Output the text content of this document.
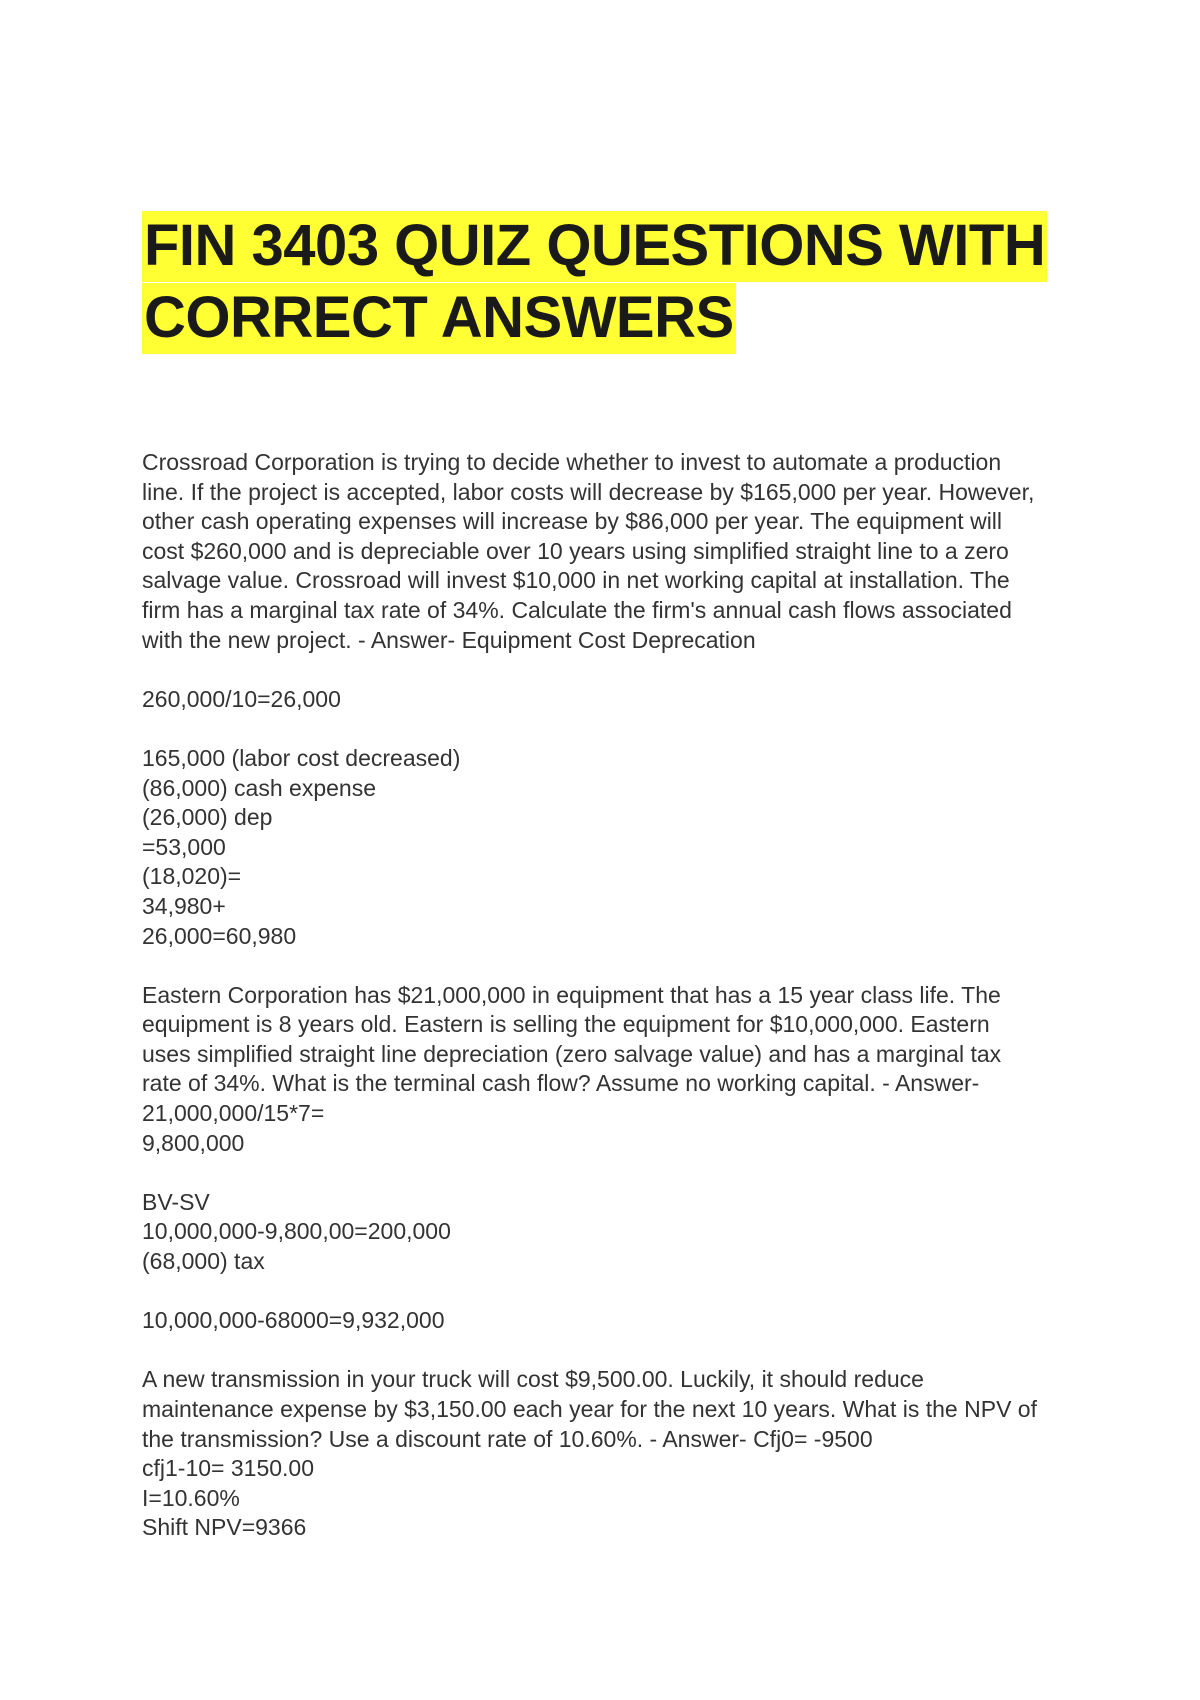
FIN 3403 QUIZ QUESTIONS WITH
CORRECT ANSWERS
Crossroad Corporation is trying to decide whether to invest to automate a production
line. If the project is accepted, labor costs will decrease by $165,000 per year. However,
other cash operating expenses will increase by $86,000 per year. The equipment will
cost $260,000 and is depreciable over 10 years using simplified straight line to a zero
salvage value. Crossroad will invest $10,000 in net working capital at installation. The
firm has a marginal tax rate of 34%. Calculate the firm's annual cash flows associated
with the new project. - Answer- Equipment Cost Deprecation
260,000/10=26,000
165,000 (labor cost decreased)
(86,000) cash expense
(26,000) dep
=53,000
(18,020)=
34,980+
26,000=60,980
Eastern Corporation has $21,000,000 in equipment that has a 15 year class life. The
equipment is 8 years old. Eastern is selling the equipment for $10,000,000. Eastern
uses simplified straight line depreciation (zero salvage value) and has a marginal tax
rate of 34%. What is the terminal cash flow? Assume no working capital. - Answer-
21,000,000/15*7=
9,800,000
BV-SV
10,000,000-9,800,00=200,000
(68,000) tax
10,000,000-68000=9,932,000
A new transmission in your truck will cost $9,500.00. Luckily, it should reduce
maintenance expense by $3,150.00 each year for the next 10 years. What is the NPV of
the transmission? Use a discount rate of 10.60%. - Answer- Cfj0= -9500
cfj1-10= 3150.00
I=10.60%
Shift NPV=9366
